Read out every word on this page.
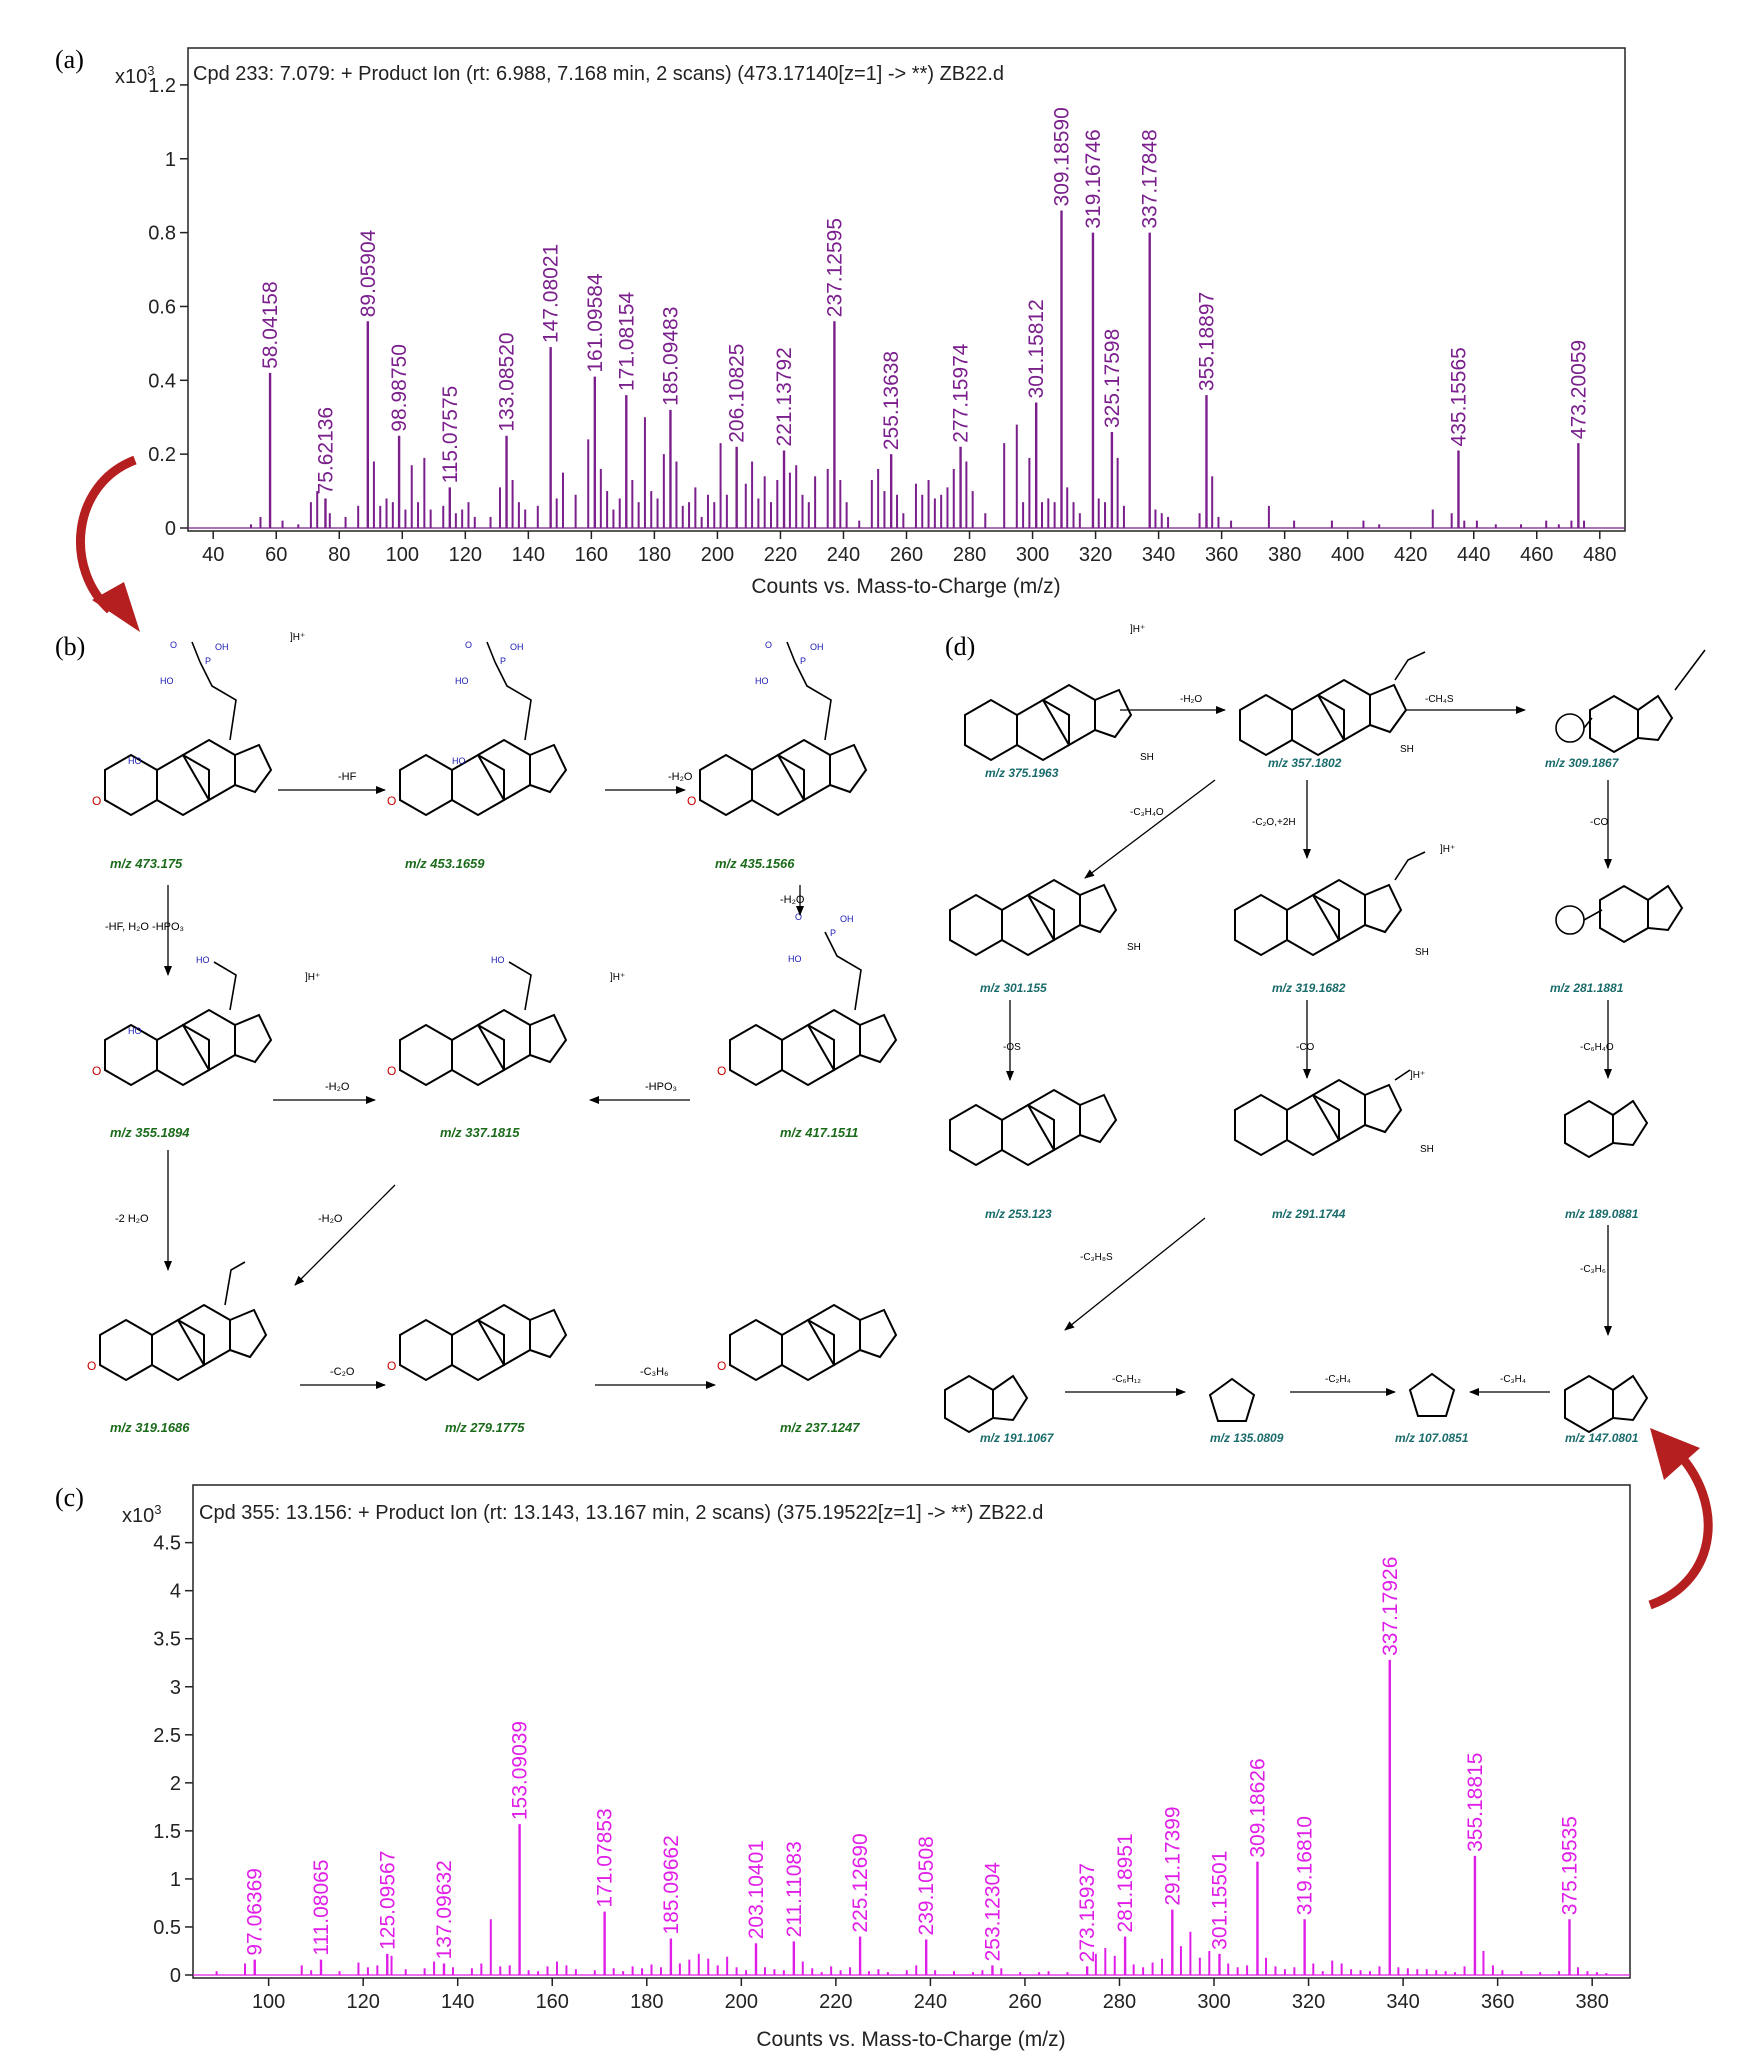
(a)
(b)	(d)
(c)
$x10^3$ Cpd 233: 7.079: + Product Ion (rt: 6.988, 7.168 min, 2 scans) (473.17140[z=1] -> **) ZB22.d
0
0.2
0.4
0.6
0.8
1
1.2
40 60 80 100 120 140 160 180 200 220 240 260 280 300 320 340 360 380 400 420 440 460 480
58.04158
75.62136
89.05904
98.98750 115.07575
133.08520
147.08021 161.09584 171.08154 185.09483 206.10825 221.13792
237.12595
255.13638 277.15974	301.15812
309.18590 319.16746
325.17598
337.17848
355.18897
435.15565	473.20059
Counts vs. Mass-to-Charge (m/z)
$x10^3$ Cpd 355: 13.156: + Product Ion (rt: 13.143, 13.167 min, 2 scans) (375.19522[z=1] -> **) ZB22.d
0
0.5
1
1.5
2
2.5
3
3.5
4
4.5
100	120	140	160	180	200	220	240	260	280	300	320	340	360	380
97.06369 111.08065 125.09567 137.09632
153.09039
171.07853 185.09662	203.10401 211.11083 225.12690 239.10508 253.12304	273.15937 281.18951 291.17399 301.15501
309.18626
319.16810
337.17926
355.18815
375.19535
Counts vs. Mass-to-Charge (m/z)
O
P
OH
HO
O
P
OH
HO
O
P
OH
HO
O
P
OH
HO
HO	HO
HO	HO
HO
O	O	O
O	O	O
O	O	O
]H⁺
]H⁺	]H⁺
m/z 473.175	m/z 453.1659	m/z 435.1566
m/z 355.1894	m/z 337.1815	m/z 417.1511
m/z 319.1686	m/z 279.1775	m/z 237.1247
-HF	-H₂O
-HF, H₂O -HPO₃
-H₂O
-H₂O	-HPO₃
-2 H₂O	-H₂O
-C₂O	-C₃H₆
]H⁺
]H⁺
]H⁺
SH
SH
SH	SH
SH
m/z 375.1963
m/z 357.1802	m/z 309.1867
m/z 301.155	m/z 319.1682	m/z 281.1881
m/z 253.123	m/z 291.1744	m/z 189.0881
m/z 191.1067	m/z 135.0809	m/z 107.0851	m/z 147.0801
-H₂O	-CH₄S
-C₃H₄O
-C₂O,+2H	-CO
-OS	-CO	-C₆H₄O
-C₃H₈S
-C₃H₆
-C₆H₁₂	-C₂H₄	-C₃H₄
